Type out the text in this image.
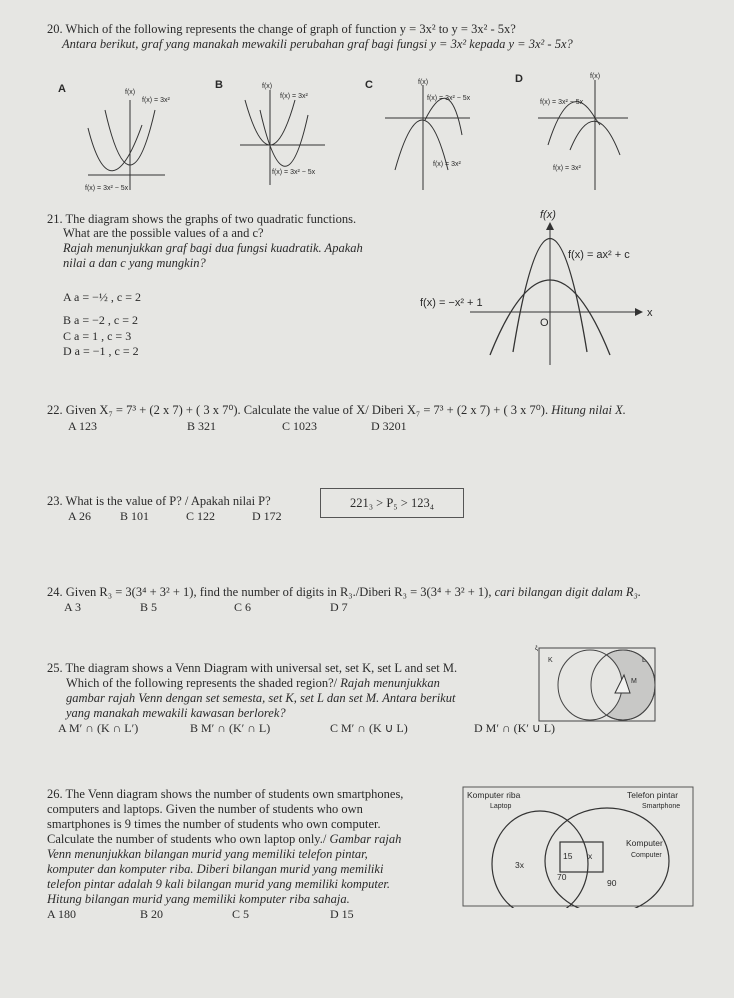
20. Which of the following represents the change of graph of function y = 3x² to y = 3x² - 5x?
Antara berikut, graf yang manakah mewakili perubahan graf bagi fungsi y = 3x² kepada y = 3x² - 5x?
A	f(x)
f(x) = 3x²
f(x) = 3x² − 5x
B	f(x)
f(x) = 3x²
f(x) = 3x² − 5x
C	f(x)
f(x) = 3x² − 5x
f(x) = 3x²
D	f(x)
f(x) = 3x² − 5x
f(x) = 3x²
21. The diagram shows the graphs of two quadratic functions.
What are the possible values of a and c?
Rajah menunjukkan graf bagi dua fungsi kuadratik. Apakah
nilai a dan c yang mungkin?
A a = −½ , c = 2
B a = −2 , c = 2
C a = 1 , c = 3
D a = −1 , c = 2
f(x)
f(x) = ax² + c
f(x) = −x² + 1
x
O
22. Given X₇ = 7³ + (2 x 7) + ( 3 x 7⁰). Calculate the value of X/ Diberi X₇ = 7³ + (2 x 7) + ( 3 x 7⁰). Hitung nilai X.
A 123	B 321	C 1023	D 3201
23. What is the value of P? / Apakah nilai P?	221₃ > P₅ > 123₄
A 26 B 101	C 122	D 172
24. Given R₃ = 3(3⁴ + 3² + 1), find the number of digits in R₃./Diberi R₃ = 3(3⁴ + 3² + 1), cari bilangan digit dalam R₃.
A 3	B 5	C 6	D 7
25. The diagram shows a Venn Diagram with universal set, set K, set L and set M.
Which of the following represents the shaded region?/ Rajah menunjukkan
gambar rajah Venn dengan set semesta, set K, set L dan set M. Antara berikut
yang manakah mewakili kawasan berlorek?
A M′ ∩ (K ∩ L′)	B M′ ∩ (K′ ∩ L)	C M′ ∩ (K ∪ L)	D M′ ∩ (K′ ∪ L)
ξ
K	L
M
26. The Venn diagram shows the number of students own smartphones,
computers and laptops. Given the number of students who own
smartphones is 9 times the number of students who own computer.
Calculate the number of students who own laptop only./ Gambar rajah
Venn menunjukkan bilangan murid yang memiliki telefon pintar,
komputer dan komputer riba. Diberi bilangan murid yang memiliki
telefon pintar adalah 9 kali bilangan murid yang memiliki komputer.
Hitung bilangan murid yang memiliki komputer riba sahaja.
A 180	B 20	C 5	D 15
Komputer riba
Laptop
Telefon pintar
Smartphone
Komputer
Computer
3x
15 x
70
90
